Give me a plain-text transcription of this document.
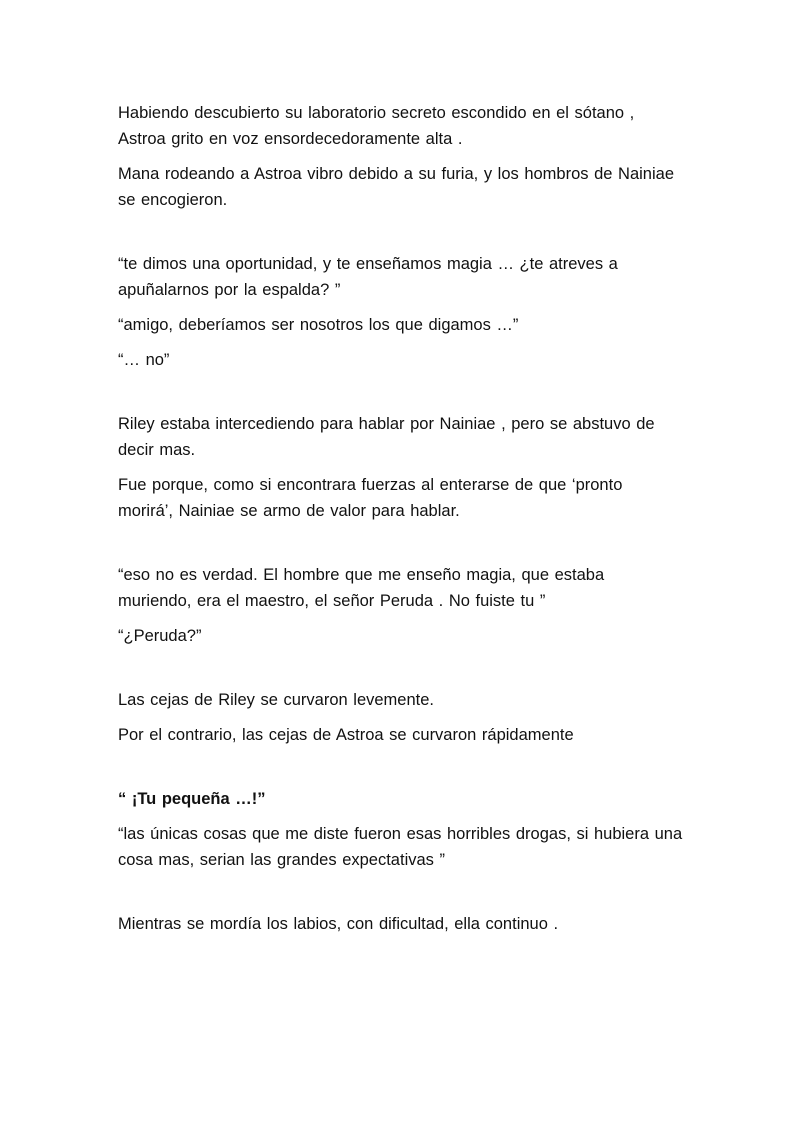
Habiendo descubierto su laboratorio secreto escondido en el sótano ,
Astroa grito en voz ensordecedoramente alta .

Mana rodeando a Astroa vibro debido a su furia, y los hombros de Nainiae
se encogieron.

“te dimos una oportunidad, y te enseñamos magia … ¿te atreves a
apuñalarnos por la espalda? ”

“amigo, deberíamos ser nosotros los que digamos …”

“… no”

Riley estaba intercediendo para hablar por Nainiae , pero se abstuvo de
decir mas.

Fue porque, como si encontrara fuerzas al enterarse de que ‘pronto
morirá’, Nainiae se armo de valor para hablar.

“eso no es verdad. El hombre que me enseño magia, que estaba
muriendo, era el maestro, el señor Peruda . No fuiste tu ”

“¿Peruda?”

Las cejas de Riley se curvaron levemente.

Por el contrario, las cejas de Astroa se curvaron rápidamente

“ ¡Tu pequeña …!”

“las únicas cosas que me diste fueron esas horribles drogas, si hubiera una
cosa mas, serian las grandes expectativas ”

Mientras se mordía los labios, con dificultad, ella continuo .
